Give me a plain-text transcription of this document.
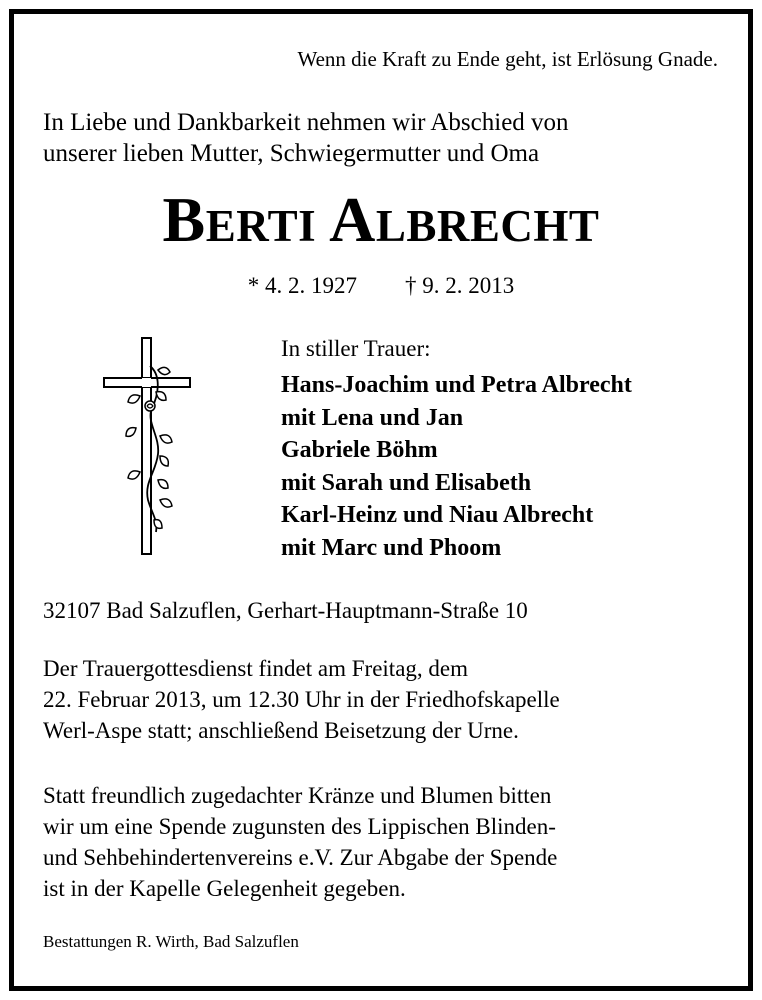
Wenn die Kraft zu Ende geht, ist Erlösung Gnade.
In Liebe und Dankbarkeit nehmen wir Abschied von
unserer lieben Mutter, Schwiegermutter und Oma
Berti Albrecht
* 4. 2. 1927 † 9. 2. 2013
In stiller Trauer:
Hans-Joachim und Petra Albrecht
mit Lena und Jan
Gabriele Böhm
mit Sarah und Elisabeth
Karl-Heinz und Niau Albrecht
mit Marc und Phoom
32107 Bad Salzuflen, Gerhart-Hauptmann-Straße 10
Der Trauergottesdienst findet am Freitag, dem
22. Februar 2013, um 12.30 Uhr in der Friedhofskapelle
Werl-Aspe statt; anschließend Beisetzung der Urne.
Statt freundlich zugedachter Kränze und Blumen bitten
wir um eine Spende zugunsten des Lippischen Blinden-
und Sehbehindertenvereins e.V. Zur Abgabe der Spende
ist in der Kapelle Gelegenheit gegeben.
Bestattungen R. Wirth, Bad Salzuflen
